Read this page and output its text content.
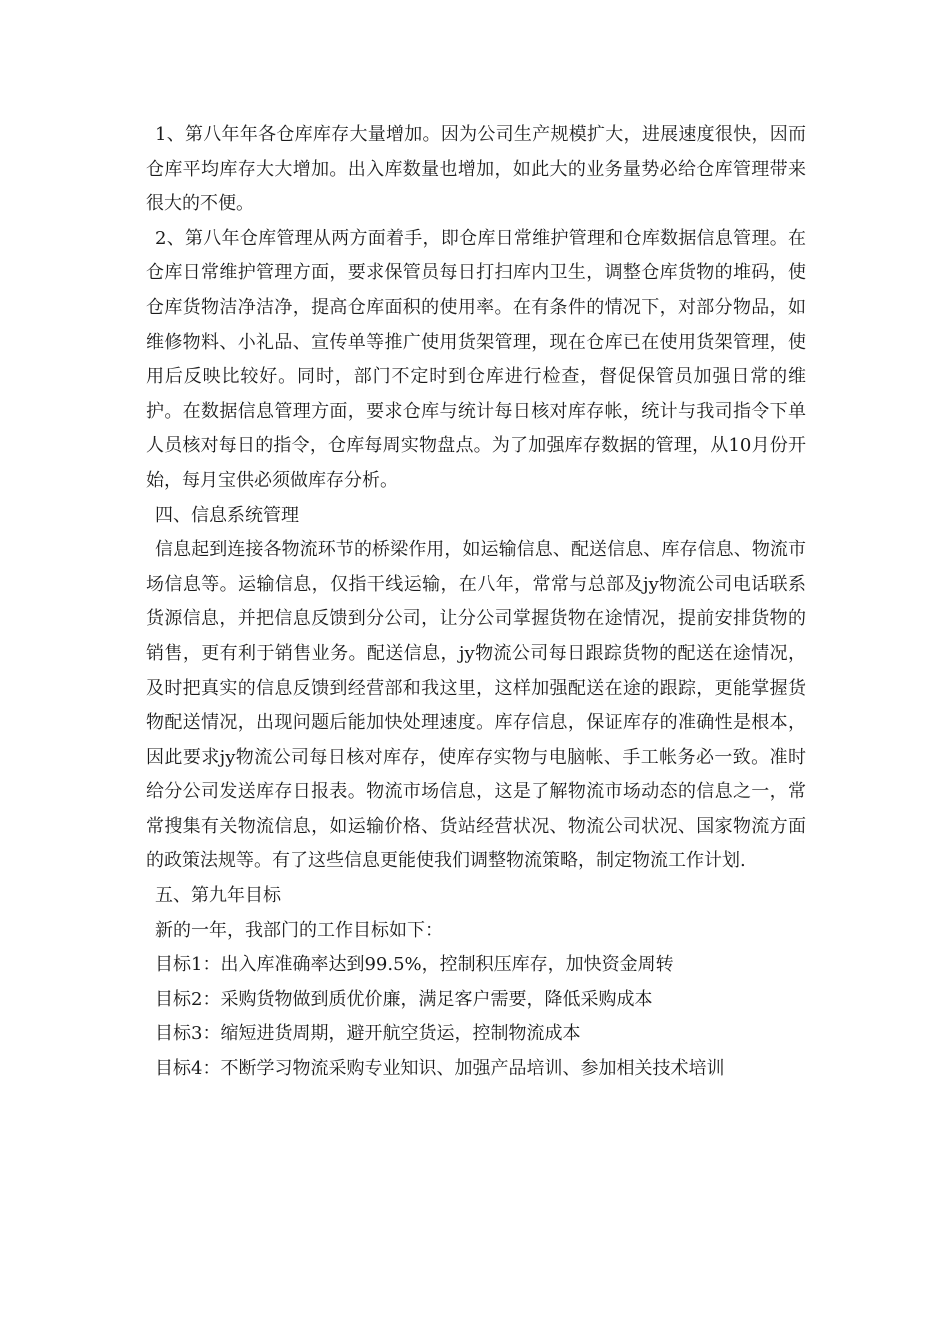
1、第八年年各仓库库存大量增加。因为公司生产规模扩大，进展速度很快，因而仓库平均库存大大增加。出入库数量也增加，如此大的业务量势必给仓库管理带来很大的不便。

2、第八年仓库管理从两方面着手，即仓库日常维护管理和仓库数据信息管理。在仓库日常维护管理方面，要求保管员每日打扫库内卫生，调整仓库货物的堆码，使仓库货物洁净洁净，提高仓库面积的使用率。在有条件的情况下，对部分物品，如维修物料、小礼品、宣传单等推广使用货架管理，现在仓库已在使用货架管理，使用后反映比较好。同时，部门不定时到仓库进行检查，督促保管员加强日常的维护。在数据信息管理方面，要求仓库与统计每日核对库存帐，统计与我司指令下单人员核对每日的指令，仓库每周实物盘点。为了加强库存数据的管理，从10月份开始，每月宝供必须做库存分析。

四、信息系统管理

信息起到连接各物流环节的桥梁作用，如运输信息、配送信息、库存信息、物流市场信息等。运输信息，仅指干线运输，在八年，常常与总部及jy物流公司电话联系货源信息，并把信息反馈到分公司，让分公司掌握货物在途情况，提前安排货物的销售，更有利于销售业务。配送信息，jy物流公司每日跟踪货物的配送在途情况，及时把真实的信息反馈到经营部和我这里，这样加强配送在途的跟踪，更能掌握货物配送情况，出现问题后能加快处理速度。库存信息，保证库存的准确性是根本，因此要求jy物流公司每日核对库存，使库存实物与电脑帐、手工帐务必一致。准时给分公司发送库存日报表。物流市场信息，这是了解物流市场动态的信息之一，常常搜集有关物流信息，如运输价格、货站经营状况、物流公司状况、国家物流方面的政策法规等。有了这些信息更能使我们调整物流策略，制定物流工作计划.

五、第九年目标

新的一年，我部门的工作目标如下：

目标1：出入库准确率达到99.5%，控制积压库存，加快资金周转

目标2：采购货物做到质优价廉，满足客户需要，降低采购成本

目标3：缩短进货周期，避开航空货运，控制物流成本

目标4：不断学习物流采购专业知识、加强产品培训、参加相关技术培训
